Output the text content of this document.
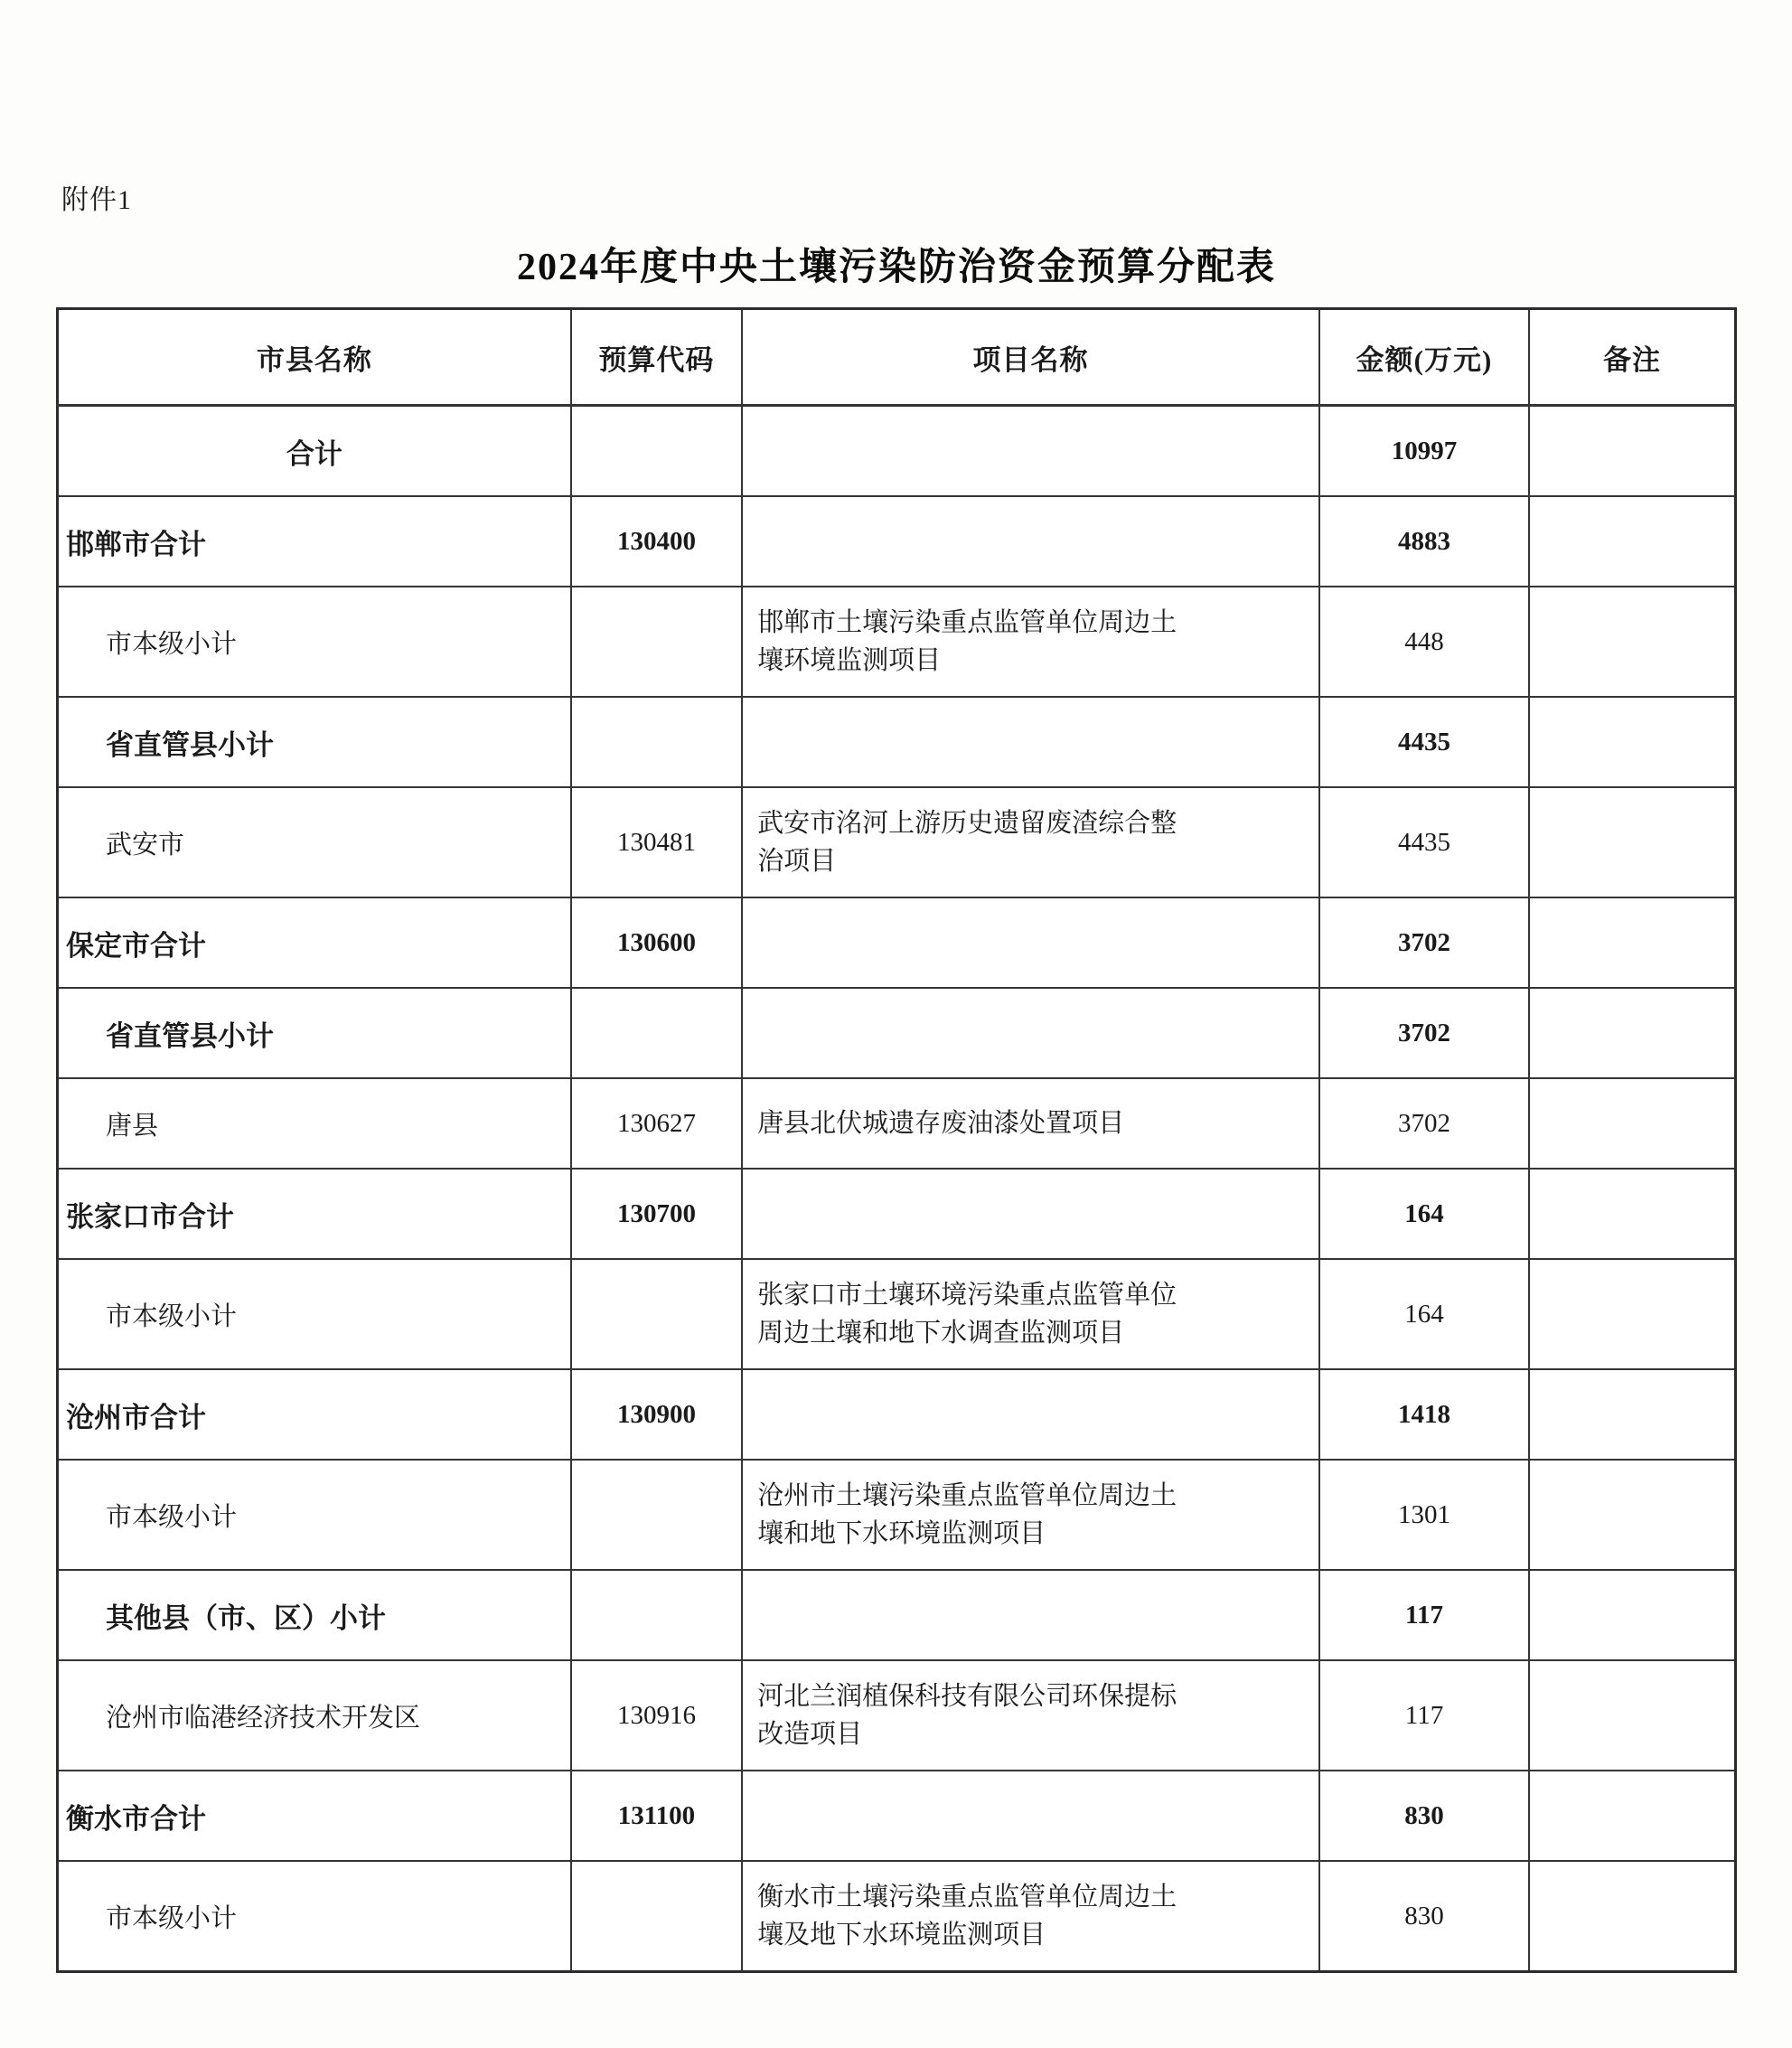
附件1
2024年度中央土壤污染防治资金预算分配表
市县名称	预算代码	项目名称	金额(万元)	备注

合计			10997	

邯郸市合计	130400		4883	

市本级小计		邯郸市土壤污染重点监管单位周边土壤环境监测项目	448	

省直管县小计			4435	

武安市	130481	武安市洺河上游历史遗留废渣综合整治项目	4435	

保定市合计	130600		3702	

省直管县小计			3702	

唐县	130627	唐县北伏城遗存废油漆处置项目	3702	

张家口市合计	130700		164	

市本级小计		张家口市土壤环境污染重点监管单位周边土壤和地下水调查监测项目	164	

沧州市合计	130900		1418	

市本级小计		沧州市土壤污染重点监管单位周边土壤和地下水环境监测项目	1301	

其他县（市、区）小计			117	

沧州市临港经济技术开发区	130916	河北兰润植保科技有限公司环保提标改造项目	117	

衡水市合计	131100		830	

市本级小计		衡水市土壤污染重点监管单位周边土壤及地下水环境监测项目	830	
